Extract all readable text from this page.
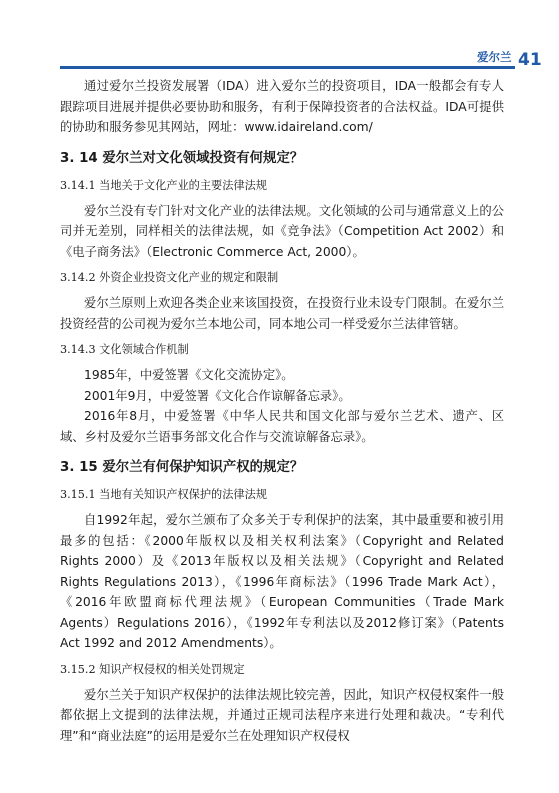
爱尔兰 41

通过爱尔兰投资发展署（IDA）进入爱尔兰的投资项目，IDA一般都会有专人跟踪项目进展并提供必要协助和服务，有利于保障投资者的合法权益。IDA可提供的协助和服务参见其网站，网址：www.idaireland.com/

3. 14 爱尔兰对文化领域投资有何规定？
3.14.1 当地关于文化产业的主要法律法规

爱尔兰没有专门针对文化产业的法律法规。文化领域的公司与通常意义上的公司并无差别，同样相关的法律法规，如《竞争法》（Competition Act 2002）和《电子商务法》（Electronic Commerce Act, 2000）。

3.14.2 外资企业投资文化产业的规定和限制

爱尔兰原则上欢迎各类企业来该国投资，在投资行业未设专门限制。在爱尔兰投资经营的公司视为爱尔兰本地公司，同本地公司一样受爱尔兰法律管辖。

3.14.3 文化领域合作机制

1985年，中爱签署《文化交流协定》。

2001年9月，中爱签署《文化合作谅解备忘录》。

2016年8月，中爱签署《中华人民共和国文化部与爱尔兰艺术、遗产、区域、乡村及爱尔兰语事务部文化合作与交流谅解备忘录》。

3. 15 爱尔兰有何保护知识产权的规定？
3.15.1 当地有关知识产权保护的法律法规

自1992年起，爱尔兰颁布了众多关于专利保护的法案，其中最重要和被引用最多的包括：《2000年版权以及相关权利法案》（Copyright and Related Rights 2000）及《2013年版权以及相关法规》（Copyright and Related Rights Regulations 2013），《1996年商标法》（1996 Trade Mark Act），《2016年欧盟商标代理法规》（European Communities（Trade Mark Agents）Regulations 2016），《1992年专利法以及2012修订案》（Patents Act 1992 and 2012 Amendments）。

3.15.2 知识产权侵权的相关处罚规定

爱尔兰关于知识产权保护的法律法规比较完善，因此，知识产权侵权案件一般都依据上文提到的法律法规，并通过正规司法程序来进行处理和裁决。“专利代理”和“商业法庭”的运用是爱尔兰在处理知识产权侵权
